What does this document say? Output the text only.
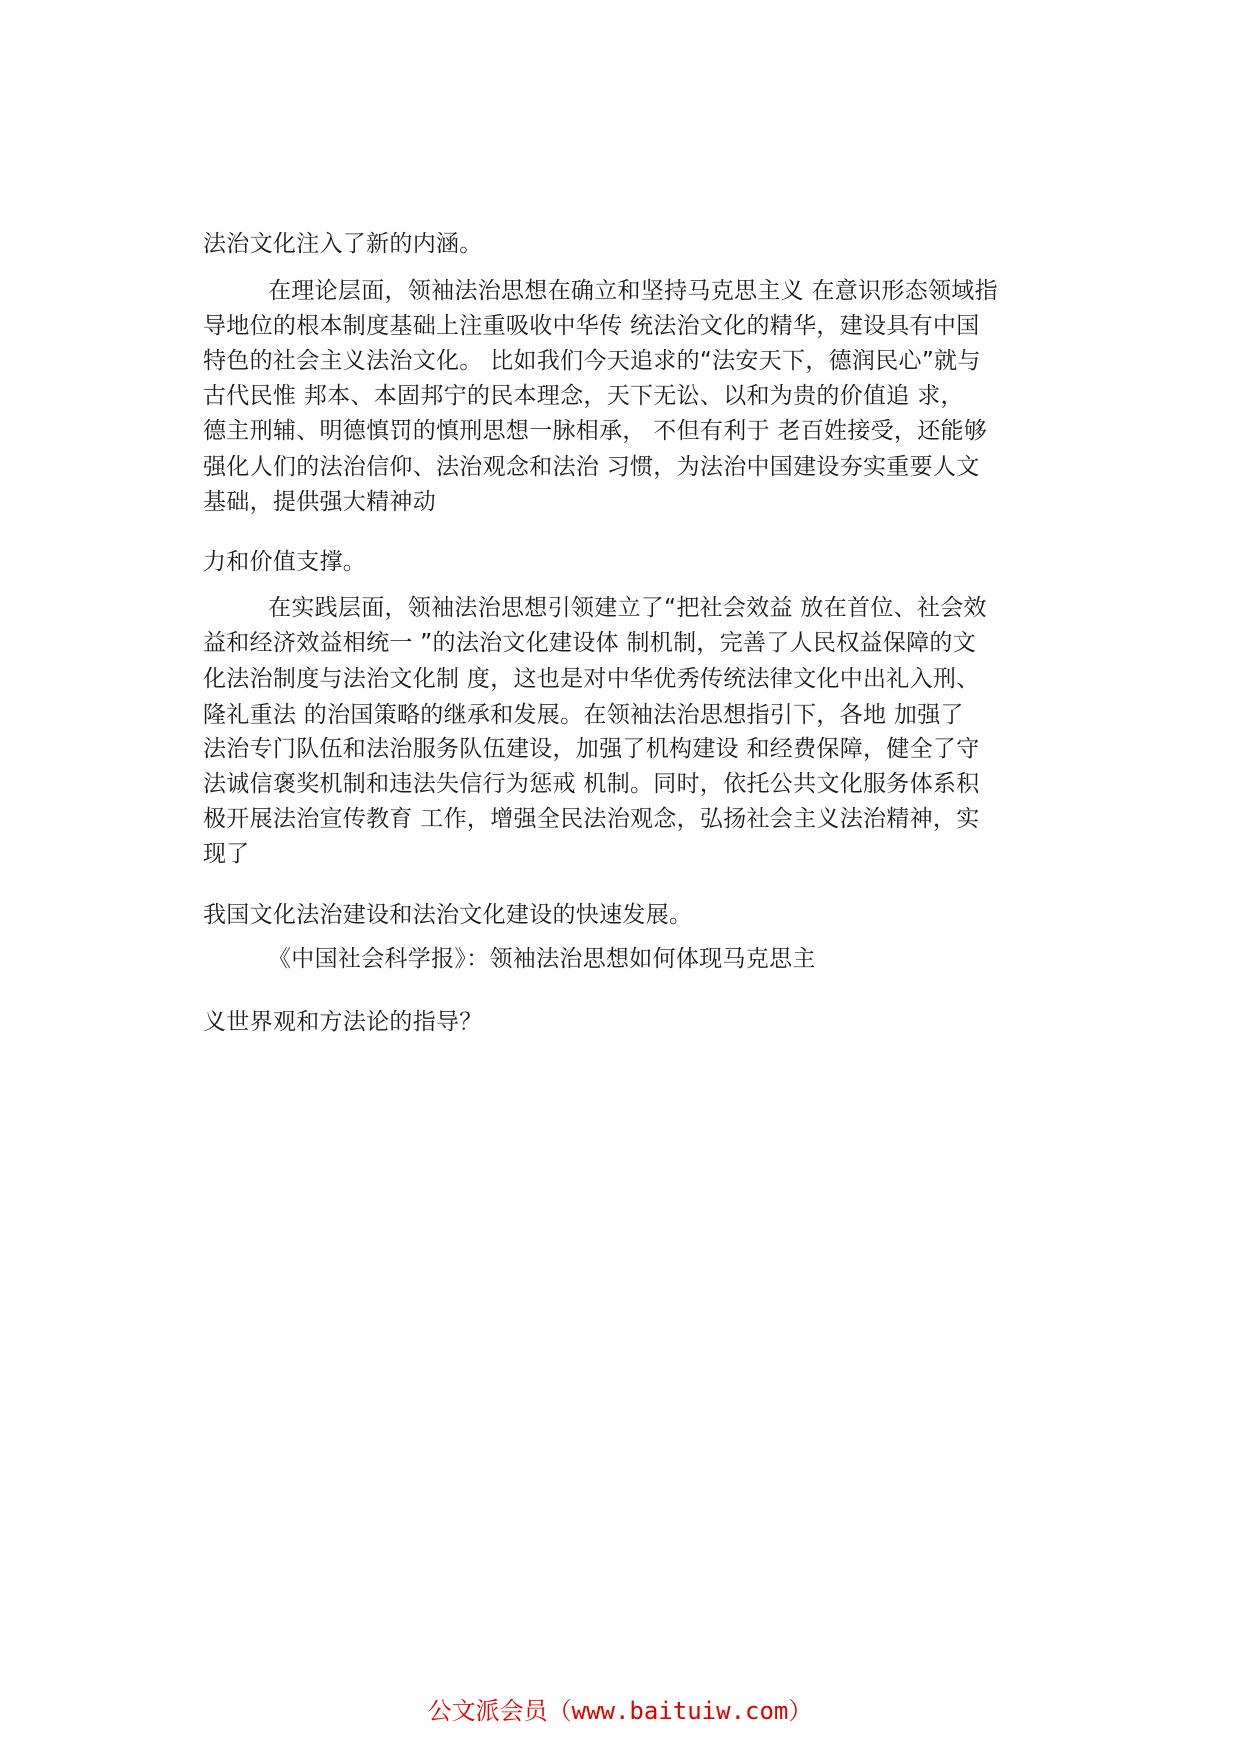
法治文化注入了新的内涵。
在理论层面，领袖法治思想在确立和坚持马克思主义 在意识形态领域指
导地位的根本制度基础上注重吸收中华传 统法治文化的精华，建设具有中国
特色的社会主义法治文化。 比如我们今天追求的“法安天下，德润民心”就与
古代民惟 邦本、本固邦宁的民本理念，天下无讼、以和为贵的价值追 求，
德主刑辅、明德慎罚的慎刑思想一脉相承， 不但有利于 老百姓接受，还能够
强化人们的法治信仰、法治观念和法治 习惯，为法治中国建设夯实重要人文
基础，提供强大精神动
力和价值支撑。
在实践层面，领袖法治思想引领建立了“把社会效益 放在首位、社会效
益和经济效益相统一 ”的法治文化建设体 制机制，完善了人民权益保障的文
化法治制度与法治文化制 度，这也是对中华优秀传统法律文化中出礼入刑、
隆礼重法 的治国策略的继承和发展。在领袖法治思想指引下，各地 加强了
法治专门队伍和法治服务队伍建设，加强了机构建设 和经费保障，健全了守
法诚信褒奖机制和违法失信行为惩戒 机制。同时，依托公共文化服务体系积
极开展法治宣传教育 工作，增强全民法治观念，弘扬社会主义法治精神，实
现了
我国文化法治建设和法治文化建设的快速发展。
《中国社会科学报》：领袖法治思想如何体现马克思主
义世界观和方法论的指导？
公文派会员（www.baituiw.com）
